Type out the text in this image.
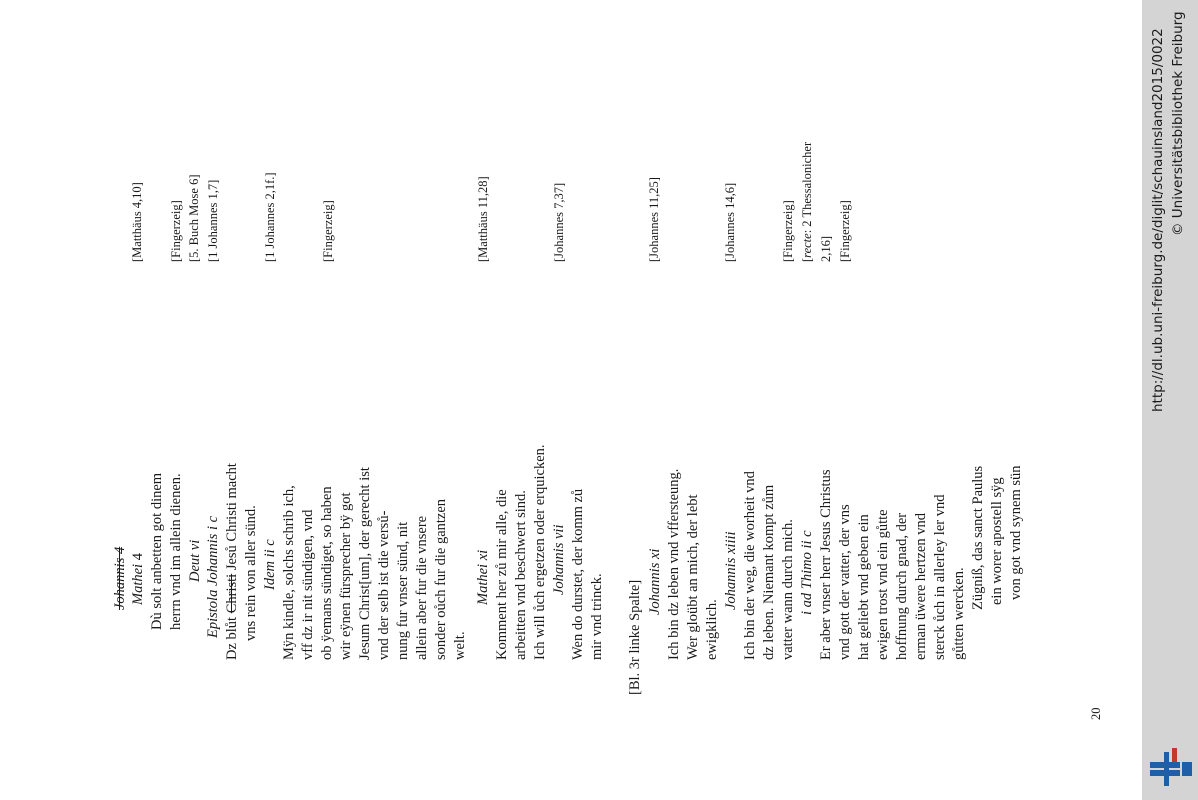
Johannis 4 Mathei 4 Dù solt anbetten got dinem herrn vnd im allein dienen. Deut vi Epistola Johannis i c Dz blůt Christi Jesů Christi macht vns rein von aller sünd. Idem ii c Mÿn kindle, solchs schrib ich, vff dz ir nit sündigen, vnd ob ÿemans sündiget, so haben wir eÿnen fürsprecher bÿ got Jesum Christ[um], der gerecht ist vnd der selb ist die versů- nung fur vnser sünd, nit allein aber fur die vnsere sonder oůch fur die gantzen welt.
Mathei xi Komment her zů mir alle, die arbeitten vnd beschwert sind. Ich will ůch ergetzen oder erquicken. Johannis vii Wen do durstet, der komm zů mir vnd trinck. [Bl. 3r linke Spalte] Johannis xi Ich bin dz leben vnd vffersteung. Wer gloübt an mich, der lebt ewigklich.
Johannis xiiii Ich bin der weg, die worheit vnd dz leben. Niemant kompt zům vatter wann durch mich. i ad Thimo ii c Er aber vnser herr Jesus Christus vnd gott der vatter, der vns hat geliebt vnd geben ein ewigen trost vnd ein gůtte hoffnung durch gnad, der erman üwere hertzen vnd sterck ůch in allerley ler vnd gůtten wercken.
Zügniß, das sanct Paulus ein worer apostell sÿg von got vnd synem sün
[Matthäus 4,10] [Fingerzeig] [5. Buch Mose 6] [1 Johannes 1,7]	[1 Johannes 2,1f.]	[Fingerzeig]	[Matthäus 11,28]	[Johannes 7,37]	[Johannes 11,25]	[Johannes 14,6]	[Fingerzeig] [recte: 2 Thessalonicher
2,16] [Fingerzeig]
20
http://dl.ub.uni-freiburg.de/diglit/schauinsland2015/0022 © Universitätsbibliothek Freiburg
